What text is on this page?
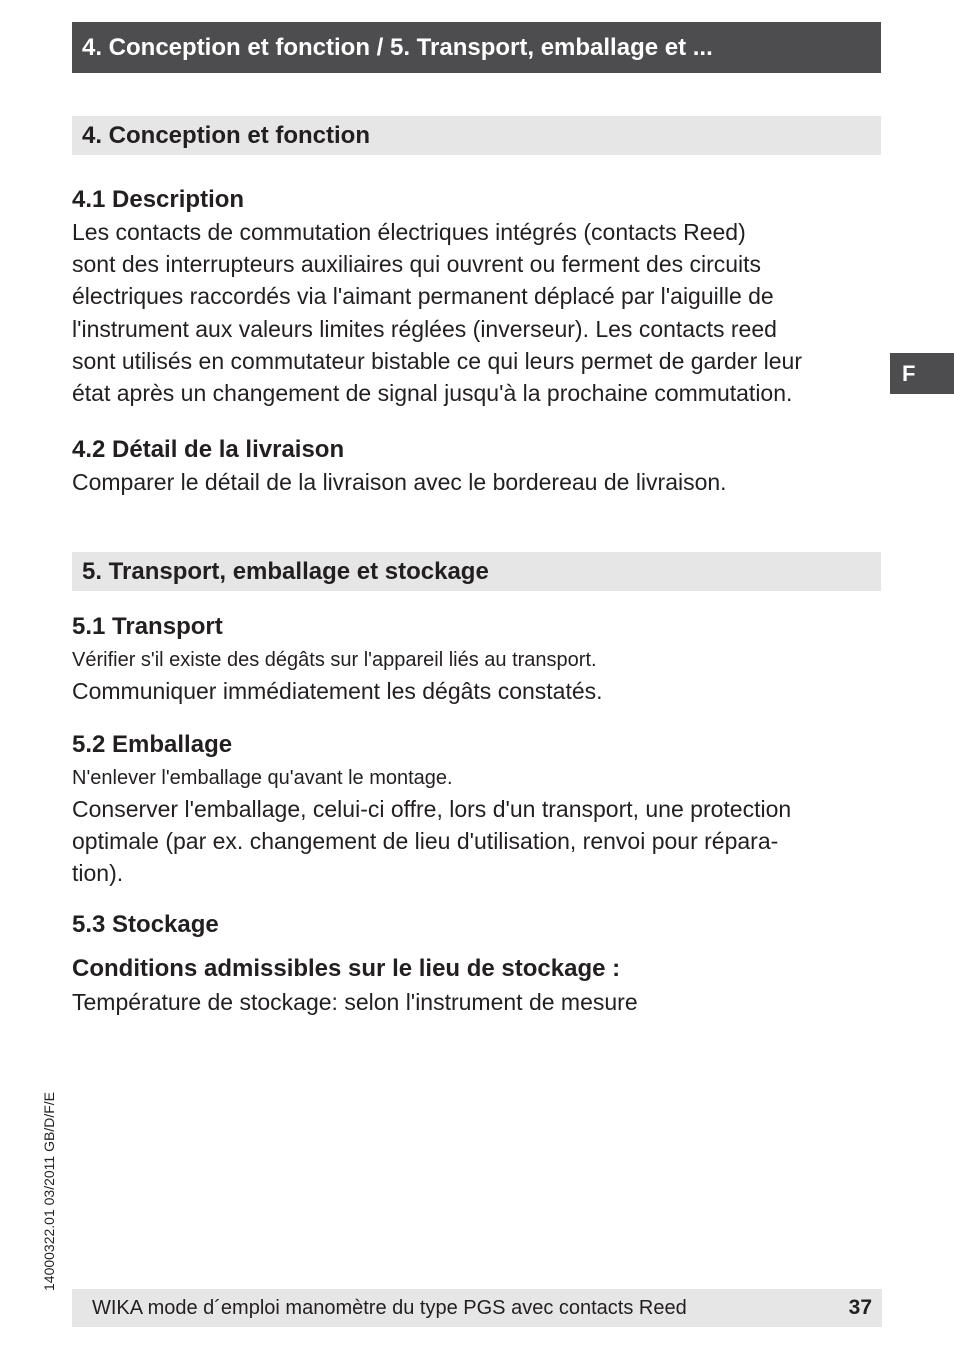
4. Conception et fonction / 5. Transport, emballage et ...
4. Conception et fonction
4.1 Description
Les contacts de commutation électriques intégrés (contacts Reed)
sont des interrupteurs auxiliaires qui ouvrent ou ferment des circuits
électriques raccordés via l'aimant permanent déplacé par l'aiguille de
l'instrument aux valeurs limites réglées (inverseur). Les contacts reed
sont utilisés en commutateur bistable ce qui leurs permet de garder leur
état après un changement de signal jusqu'à la prochaine commutation.
4.2 Détail de la livraison
Comparer le détail de la livraison avec le bordereau de livraison.
5. Transport, emballage et stockage
5.1 Transport
Vérifier s'il existe des dégâts sur l'appareil liés au transport.
Communiquer immédiatement les dégâts constatés.
5.2 Emballage
N'enlever l'emballage qu'avant le montage.
Conserver l'emballage, celui-ci offre, lors d'un transport, une protection
optimale (par ex. changement de lieu d'utilisation, renvoi pour répara-
tion).
5.3 Stockage
Conditions admissibles sur le lieu de stockage :
Température de stockage: selon l'instrument de mesure
F
14000322.01 03/2011 GB/D/F/E
WIKA mode d´emploi manomètre du type PGS avec contacts Reed	37
